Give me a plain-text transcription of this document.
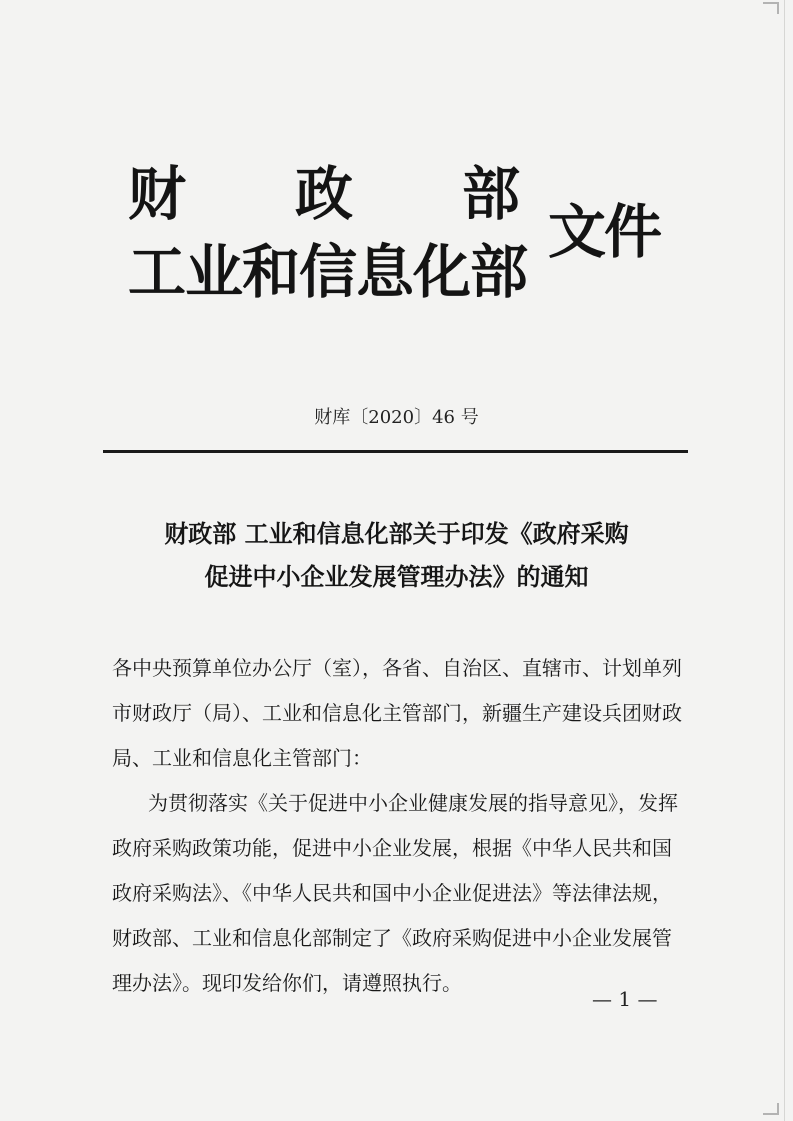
财 政 部
工业和信息化部
文件
财库〔2020〕46 号
财政部 工业和信息化部关于印发《政府采购
促进中小企业发展管理办法》的通知
各中央预算单位办公厅（室），各省、自治区、直辖市、计划单列
市财政厅（局）、工业和信息化主管部门，新疆生产建设兵团财政
局、工业和信息化主管部门：
为贯彻落实《关于促进中小企业健康发展的指导意见》，发挥
政府采购政策功能，促进中小企业发展，根据《中华人民共和国
政府采购法》、《中华人民共和国中小企业促进法》等法律法规，
财政部、工业和信息化部制定了《政府采购促进中小企业发展管
理办法》。现印发给你们，请遵照执行。
— 1 —
